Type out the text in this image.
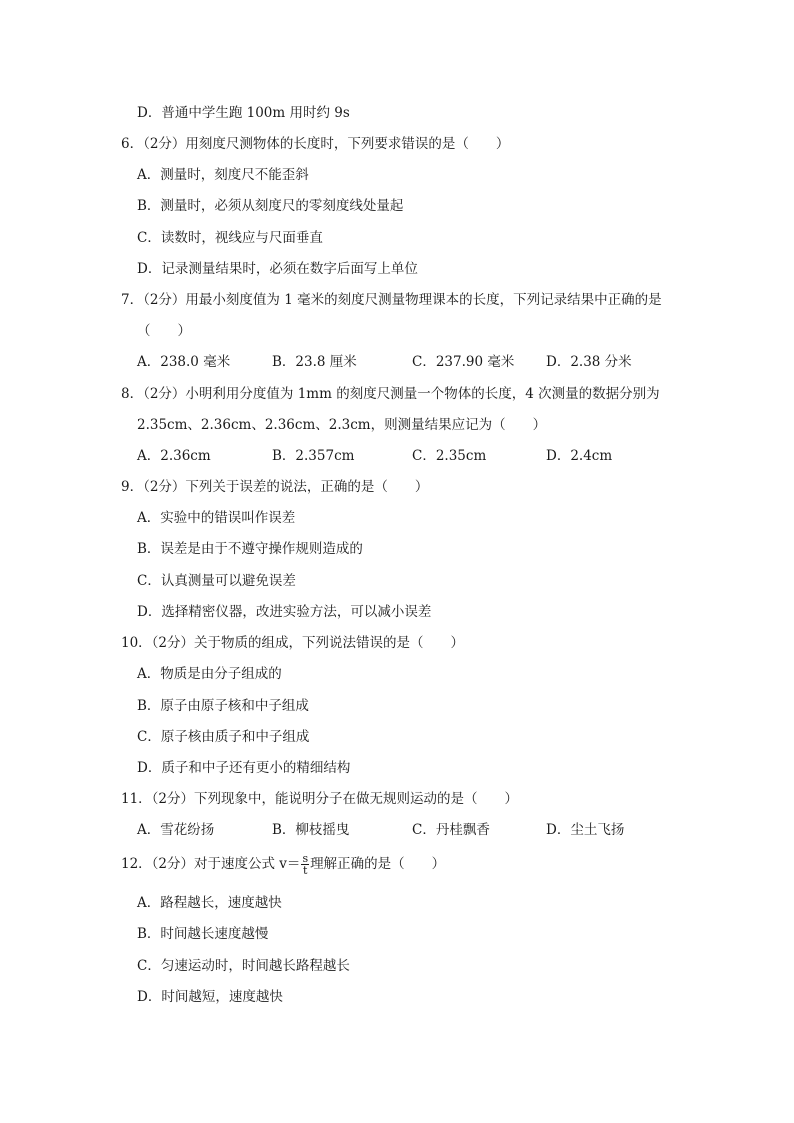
D．普通中学生跑 100m 用时约 9s
6．（2分）用刻度尺测物体的长度时，下列要求错误的是（　　）
A．测量时，刻度尺不能歪斜
B．测量时，必须从刻度尺的零刻度线处量起
C．读数时，视线应与尺面垂直
D．记录测量结果时，必须在数字后面写上单位
7．（2分）用最小刻度值为 1 毫米的刻度尺测量物理课本的长度，下列记录结果中正确的是
（　　）
A．238.0 毫米	B．23.8 厘米	C．237.90 毫米 D．2.38 分米
8．（2分）小明利用分度值为 1mm 的刻度尺测量一个物体的长度，4 次测量的数据分别为
2.35cm、2.36cm、2.36cm、2.3cm，则测量结果应记为（　　）
A．2.36cm	B．2.357cm	C．2.35cm	D．2.4cm
9．（2分）下列关于误差的说法，正确的是（　　）
A．实验中的错误叫作误差
B．误差是由于不遵守操作规则造成的
C．认真测量可以避免误差
D．选择精密仪器，改进实验方法，可以减小误差
10．（2分）关于物质的组成，下列说法错误的是（　　）
A．物质是由分子组成的
B．原子由原子核和中子组成
C．原子核由质子和中子组成
D．质子和中子还有更小的精细结构
11．（2分）下列现象中，能说明分子在做无规则运动的是（　　）
A．雪花纷扬	B．柳枝摇曳	C．丹桂飘香	D．尘土飞扬
12．（2分）对于速度公式 $v= \frac{s}{t}$ 理解正确的是（　　）
A．路程越长，速度越快
B．时间越长速度越慢
C．匀速运动时，时间越长路程越长
D．时间越短，速度越快
